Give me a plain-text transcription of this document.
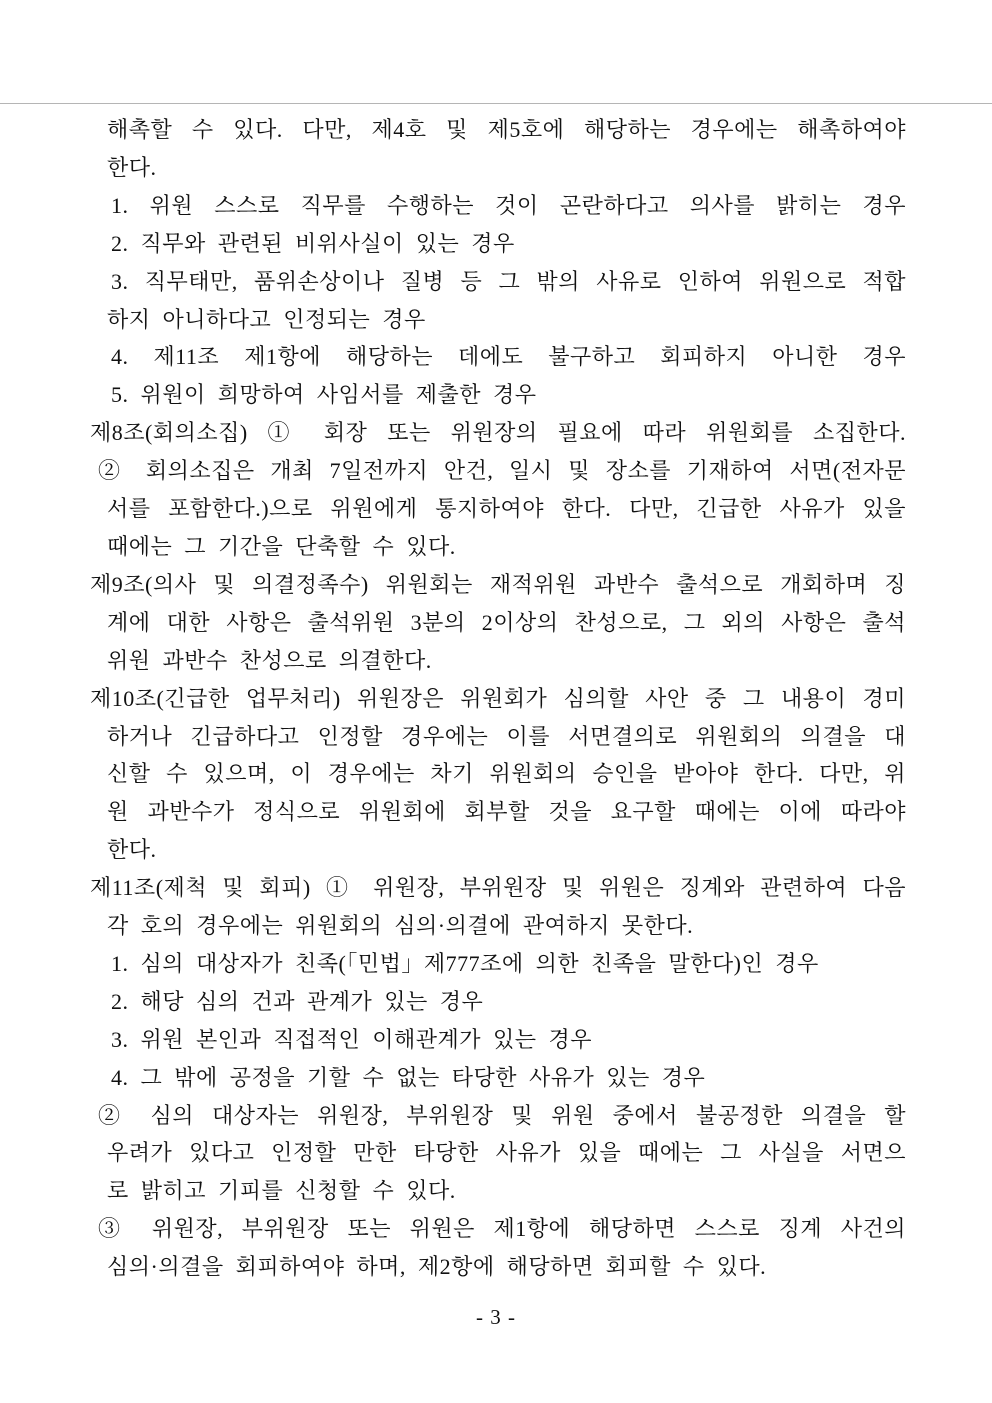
해촉할 수 있다. 다만, 제4호 및 제5호에 해당하는 경우에는 해촉하여야
한다.
1. 위원 스스로 직무를 수행하는 것이 곤란하다고 의사를 밝히는 경우
2. 직무와 관련된 비위사실이 있는 경우
3. 직무태만, 품위손상이나 질병 등 그 밖의 사유로 인하여 위원으로 적합
하지 아니하다고 인정되는 경우
4. 제11조 제1항에 해당하는 데에도 불구하고 회피하지 아니한 경우
5. 위원이 희망하여 사임서를 제출한 경우
제8조(회의소집) ① 회장 또는 위원장의 필요에 따라 위원회를 소집한다.
② 회의소집은 개최 7일전까지 안건, 일시 및 장소를 기재하여 서면(전자문
서를 포함한다.)으로 위원에게 통지하여야 한다. 다만, 긴급한 사유가 있을
때에는 그 기간을 단축할 수 있다.
제9조(의사 및 의결정족수) 위원회는 재적위원 과반수 출석으로 개회하며 징
계에 대한 사항은 출석위원 3분의 2이상의 찬성으로, 그 외의 사항은 출석
위원 과반수 찬성으로 의결한다.
제10조(긴급한 업무처리) 위원장은 위원회가 심의할 사안 중 그 내용이 경미
하거나 긴급하다고 인정할 경우에는 이를 서면결의로 위원회의 의결을 대
신할 수 있으며, 이 경우에는 차기 위원회의 승인을 받아야 한다. 다만, 위
원 과반수가 정식으로 위원회에 회부할 것을 요구할 때에는 이에 따라야
한다.
제11조(제척 및 회피) ① 위원장, 부위원장 및 위원은 징계와 관련하여 다음
각 호의 경우에는 위원회의 심의·의결에 관여하지 못한다.
1. 심의 대상자가 친족(「민법」제777조에 의한 친족을 말한다)인 경우
2. 해당 심의 건과 관계가 있는 경우
3. 위원 본인과 직접적인 이해관계가 있는 경우
4. 그 밖에 공정을 기할 수 없는 타당한 사유가 있는 경우
② 심의 대상자는 위원장, 부위원장 및 위원 중에서 불공정한 의결을 할
우려가 있다고 인정할 만한 타당한 사유가 있을 때에는 그 사실을 서면으
로 밝히고 기피를 신청할 수 있다.
③ 위원장, 부위원장 또는 위원은 제1항에 해당하면 스스로 징계 사건의
심의·의결을 회피하여야 하며, 제2항에 해당하면 회피할 수 있다.
- 3 -
